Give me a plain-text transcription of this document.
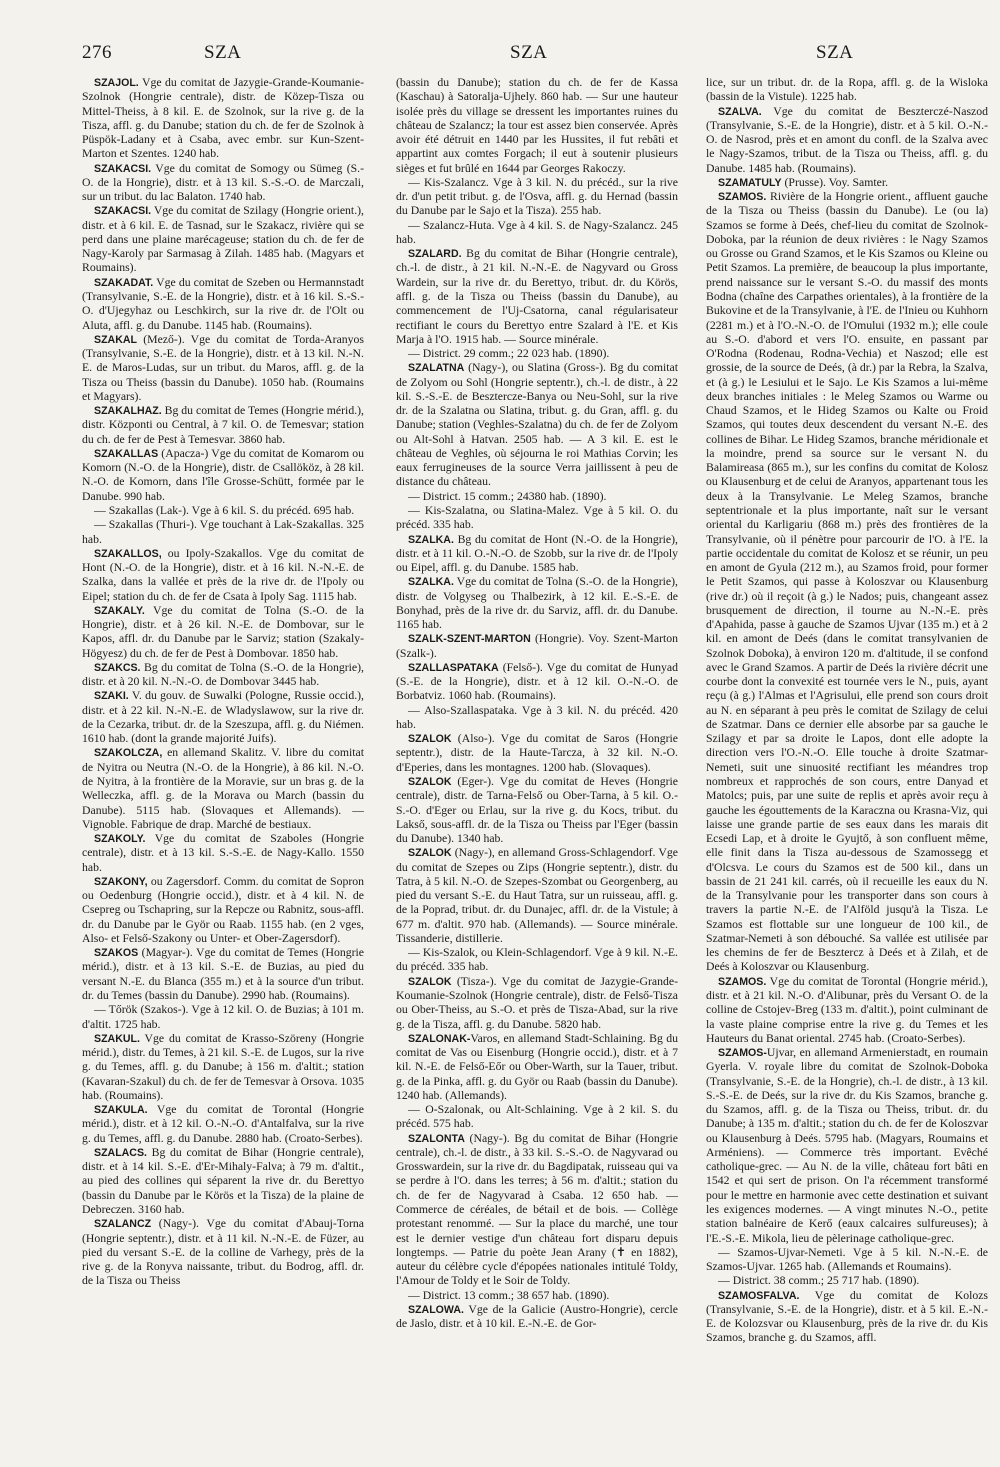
276	SZA	SZA	SZA

SZAJOL. Vge du comitat de Jazygie-Grande-Koumanie-Szolnok (Hongrie centrale), distr. de Közep-Tisza ou Mittel-Theiss, à 8 kil. E. de Szolnok, sur la rive g. de la Tisza, affl. g. du Danube; station du ch. de fer de Szolnok à Püspök-Ladany et à Csaba, avec embr. sur Kun-Szent-Marton et Szentes. 1240 hab.

SZAKACSI. Vge du comitat de Somogy ou Sümeg (S.-O. de la Hongrie), distr. et à 13 kil. S.-S.-O. de Marczali, sur un tribut. du lac Balaton. 1740 hab.

SZAKACSI. Vge du comitat de Szilagy (Hongrie orient.), distr. et à 6 kil. E. de Tasnad, sur le Szakacz, rivière qui se perd dans une plaine marécageuse; station du ch. de fer de Nagy-Karoly par Sarmasag à Zilah. 1485 hab. (Magyars et Roumains).

SZAKADAT. Vge du comitat de Szeben ou Hermannstadt (Transylvanie, S.-E. de la Hongrie), distr. et à 16 kil. S.-S.-O. d'Ujegyhaz ou Leschkirch, sur la rive dr. de l'Olt ou Aluta, affl. g. du Danube. 1145 hab. (Roumains).

SZAKAL (Mező-). Vge du comitat de Torda-Aranyos (Transylvanie, S.-E. de la Hongrie), distr. et à 13 kil. N.-N. E. de Maros-Ludas, sur un tribut. du Maros, affl. g. de la Tisza ou Theiss (bassin du Danube). 1050 hab. (Roumains et Magyars).

SZAKALHAZ. Bg du comitat de Temes (Hongrie mérid.), distr. Központi ou Central, à 7 kil. O. de Temesvar; station du ch. de fer de Pest à Temesvar. 3860 hab.

SZAKALLAS (Apacza-) Vge du comitat de Komarom ou Komorn (N.-O. de la Hongrie), distr. de Csallököz, à 28 kil. N.-O. de Komorn, dans l'île Grosse-Schütt, formée par le Danube. 990 hab.

— Szakallas (Lak-). Vge à 6 kil. S. du précéd. 695 hab.

— Szakallas (Thuri-). Vge touchant à Lak-Szakallas. 325 hab.

SZAKALLOS, ou Ipoly-Szakallos. Vge du comitat de Hont (N.-O. de la Hongrie), distr. et à 16 kil. N.-N.-E. de Szalka, dans la vallée et près de la rive dr. de l'Ipoly ou Eipel; station du ch. de fer de Csata à Ipoly Sag. 1115 hab.

SZAKALY. Vge du comitat de Tolna (S.-O. de la Hongrie), distr. et à 26 kil. N.-E. de Dombovar, sur le Kapos, affl. dr. du Danube par le Sarviz; station (Szakaly-Högyesz) du ch. de fer de Pest à Dombovar. 1850 hab.

SZAKCS. Bg du comitat de Tolna (S.-O. de la Hongrie), distr. et à 20 kil. N.-N.-O. de Dombovar 3445 hab.

SZAKI. V. du gouv. de Suwalki (Pologne, Russie occid.), distr. et à 22 kil. N.-N.-E. de Wladyslawow, sur la rive dr. de la Cezarka, tribut. dr. de la Szeszupa, affl. g. du Niémen. 1610 hab. (dont la grande majorité Juifs).

SZAKOLCZA, en allemand Skalitz. V. libre du comitat de Nyitra ou Neutra (N.-O. de la Hongrie), à 86 kil. N.-O. de Nyitra, à la frontière de la Moravie, sur un bras g. de la Welleczka, affl. g. de la Morava ou March (bassin du Danube). 5115 hab. (Slovaques et Allemands). — Vignoble. Fabrique de drap. Marché de bestiaux.

SZAKOLY. Vge du comitat de Szaboles (Hongrie centrale), distr. et à 13 kil. S.-S.-E. de Nagy-Kallo. 1550 hab.

SZAKONY, ou Zagersdorf. Comm. du comitat de Sopron ou Oedenburg (Hongrie occid.), distr. et à 4 kil. N. de Csepreg ou Tschapring, sur la Repcze ou Rabnitz, sous-affl. dr. du Danube par le Györ ou Raab. 1155 hab. (en 2 vges, Also- et Felső-Szakony ou Unter- et Ober-Zagersdorf).

SZAKOS (Magyar-). Vge du comitat de Temes (Hongrie mérid.), distr. et à 13 kil. S.-E. de Buzias, au pied du versant N.-E. du Blanca (355 m.) et à la source d'un tribut. dr. du Temes (bassin du Danube). 2990 hab. (Roumains).

— Tőrök (Szakos-). Vge à 12 kil. O. de Buzias; à 101 m. d'altit. 1725 hab.

SZAKUL. Vge du comitat de Krasso-Szöreny (Hongrie mérid.), distr. du Temes, à 21 kil. S.-E. de Lugos, sur la rive g. du Temes, affl. g. du Danube; à 156 m. d'altit.; station (Kavaran-Szakul) du ch. de fer de Temesvar à Orsova. 1035 hab. (Roumains).

SZAKULA. Vge du comitat de Torontal (Hongrie mérid.), distr. et à 12 kil. O.-N.-O. d'Antalfalva, sur la rive g. du Temes, affl. g. du Danube. 2880 hab. (Croato-Serbes).

SZALACS. Bg du comitat de Bihar (Hongrie centrale), distr. et à 14 kil. S.-E. d'Er-Mihaly-Falva; à 79 m. d'altit., au pied des collines qui séparent la rive dr. du Berettyo (bassin du Danube par le Körös et la Tisza) de la plaine de Debreczen. 3160 hab.

SZALANCZ (Nagy-). Vge du comitat d'Abauj-Torna (Hongrie septentr.), distr. et à 11 kil. N.-N.-E. de Füzer, au pied du versant S.-E. de la colline de Varhegy, près de la rive g. de la Ronyva naissante, tribut. du Bodrog, affl. dr. de la Tisza ou Theiss

(bassin du Danube); station du ch. de fer de Kassa (Kaschau) à Satoralja-Ujhely. 860 hab. — Sur une hauteur isolée près du village se dressent les importantes ruines du château de Szalancz; la tour est assez bien conservée. Après avoir été détruit en 1440 par les Hussites, il fut rebâti et appartint aux comtes Forgach; il eut à soutenir plusieurs sièges et fut brûlé en 1644 par Georges Rakoczy.

— Kis-Szalancz. Vge à 3 kil. N. du précéd., sur la rive dr. d'un petit tribut. g. de l'Osva, affl. g. du Hernad (bassin du Danube par le Sajo et la Tisza). 255 hab.

— Szalancz-Huta. Vge à 4 kil. S. de Nagy-Szalancz. 245 hab.

SZALARD. Bg du comitat de Bihar (Hongrie centrale), ch.-l. de distr., à 21 kil. N.-N.-E. de Nagyvard ou Gross Wardein, sur la rive dr. du Berettyo, tribut. dr. du Körös, affl. g. de la Tisza ou Theiss (bassin du Danube), au commencement de l'Uj-Csatorna, canal régularisateur rectifiant le cours du Berettyo entre Szalard à l'E. et Kis Marja à l'O. 1915 hab. — Source minérale.

— District. 29 comm.; 22 023 hab. (1890).

SZALATNA (Nagy-), ou Slatina (Gross-). Bg du comitat de Zolyom ou Sohl (Hongrie septentr.), ch.-l. de distr., à 22 kil. S.-S.-E. de Besztercze-Banya ou Neu-Sohl, sur la rive dr. de la Szalatna ou Slatina, tribut. g. du Gran, affl. g. du Danube; station (Veghles-Szalatna) du ch. de fer de Zolyom ou Alt-Sohl à Hatvan. 2505 hab. — A 3 kil. E. est le château de Veghles, où séjourna le roi Mathias Corvin; les eaux ferrugineuses de la source Verra jaillissent à peu de distance du château.

— District. 15 comm.; 24380 hab. (1890).

— Kis-Szalatna, ou Slatina-Malez. Vge à 5 kil. O. du précéd. 335 hab.

SZALKA. Bg du comitat de Hont (N.-O. de la Hongrie), distr. et à 11 kil. O.-N.-O. de Szobb, sur la rive dr. de l'Ipoly ou Eipel, affl. g. du Danube. 1585 hab.

SZALKA. Vge du comitat de Tolna (S.-O. de la Hongrie), distr. de Volgyseg ou Thalbezirk, à 12 kil. E.-S.-E. de Bonyhad, près de la rive dr. du Sarviz, affl. dr. du Danube. 1165 hab.

SZALK-SZENT-MARTON (Hongrie). Voy. Szent-Marton (Szalk-).

SZALLASPATAKA (Felső-). Vge du comitat de Hunyad (S.-E. de la Hongrie), distr. et à 12 kil. O.-N.-O. de Borbatviz. 1060 hab. (Roumains).

— Also-Szallaspataka. Vge à 3 kil. N. du précéd. 420 hab.

SZALOK (Also-). Vge du comitat de Saros (Hongrie septentr.), distr. de la Haute-Tarcza, à 32 kil. N.-O. d'Eperies, dans les montagnes. 1200 hab. (Slovaques).

SZALOK (Eger-). Vge du comitat de Heves (Hongrie centrale), distr. de Tarna-Felső ou Ober-Tarna, à 5 kil. O.-S.-O. d'Eger ou Erlau, sur la rive g. du Kocs, tribut. du Lakső, sous-affl. dr. de la Tisza ou Theiss par l'Eger (bassin du Danube). 1340 hab.

SZALOK (Nagy-), en allemand Gross-Schlagendorf. Vge du comitat de Szepes ou Zips (Hongrie septentr.), distr. du Tatra, à 5 kil. N.-O. de Szepes-Szombat ou Georgenberg, au pied du versant S.-E. du Haut Tatra, sur un ruisseau, affl. g. de la Poprad, tribut. dr. du Dunajec, affl. dr. de la Vistule; à 677 m. d'altit. 970 hab. (Allemands). — Source minérale. Tissanderie, distillerie.

— Kis-Szalok, ou Klein-Schlagendorf. Vge à 9 kil. N.-E. du précéd. 335 hab.

SZALOK (Tisza-). Vge du comitat de Jazygie-Grande-Koumanie-Szolnok (Hongrie centrale), distr. de Felső-Tisza ou Ober-Theiss, au S.-O. et près de Tisza-Abad, sur la rive g. de la Tisza, affl. g. du Danube. 5820 hab.

SZALONAK-Varos, en allemand Stadt-Schlaining. Bg du comitat de Vas ou Eisenburg (Hongrie occid.), distr. et à 7 kil. N.-E. de Felső-Eőr ou Ober-Warth, sur la Tauer, tribut. g. de la Pinka, affl. g. du Györ ou Raab (bassin du Danube). 1240 hab. (Allemands).

— O-Szalonak, ou Alt-Schlaining. Vge à 2 kil. S. du précéd. 575 hab.

SZALONTA (Nagy-). Bg du comitat de Bihar (Hongrie centrale), ch.-l. de distr., à 33 kil. S.-S.-O. de Nagyvarad ou Grosswardein, sur la rive dr. du Bagdipatak, ruisseau qui va se perdre à l'O. dans les terres; à 56 m. d'altit.; station du ch. de fer de Nagyvarad à Csaba. 12 650 hab. — Commerce de céréales, de bétail et de bois. — Collège protestant renommé. — Sur la place du marché, une tour est le dernier vestige d'un château fort disparu depuis longtemps. — Patrie du poète Jean Arany (✝ en 1882), auteur du célèbre cycle d'épopées nationales intitulé Toldy, l'Amour de Toldy et le Soir de Toldy.

— District. 13 comm.; 38 657 hab. (1890).

SZALOWA. Vge de la Galicie (Austro-Hongrie), cercle de Jaslo, distr. et à 10 kil. E.-N.-E. de Gor-

lice, sur un tribut. dr. de la Ropa, affl. g. de la Wisloka (bassin de la Vistule). 1225 hab.

SZALVA. Vge du comitat de Beszterczé-Naszod (Transylvanie, S.-E. de la Hongrie), distr. et à 5 kil. O.-N.-O. de Nasrod, près et en amont du confl. de la Szalva avec le Nagy-Szamos, tribut. de la Tisza ou Theiss, affl. g. du Danube. 1485 hab. (Roumains).

SZAMATULY (Prusse). Voy. Samter.

SZAMOS. Rivière de la Hongrie orient., affluent gauche de la Tisza ou Theiss (bassin du Danube). Le (ou la) Szamos se forme à Deés, chef-lieu du comitat de Szolnok-Doboka, par la réunion de deux rivières : le Nagy Szamos ou Grosse ou Grand Szamos, et le Kis Szamos ou Kleine ou Petit Szamos. La première, de beaucoup la plus importante, prend naissance sur le versant S.-O. du massif des monts Bodna (chaîne des Carpathes orientales), à la frontière de la Bukovine et de la Transylvanie, à l'E. de l'Inieu ou Kuhhorn (2281 m.) et à l'O.-N.-O. de l'Omului (1932 m.); elle coule au S.-O. d'abord et vers l'O. ensuite, en passant par O'Rodna (Rodenau, Rodna-Vechia) et Naszod; elle est grossie, de la source de Deés, (à dr.) par la Rebra, la Szalva, et (à g.) le Lesiului et le Sajo. Le Kis Szamos a lui-même deux branches initiales : le Meleg Szamos ou Warme ou Chaud Szamos, et le Hideg Szamos ou Kalte ou Froid Szamos, qui toutes deux descendent du versant N.-E. des collines de Bihar. Le Hideg Szamos, branche méridionale et la moindre, prend sa source sur le versant N. du Balamireasa (865 m.), sur les confins du comitat de Kolosz ou Klausenburg et de celui de Aranyos, appartenant tous les deux à la Transylvanie. Le Meleg Szamos, branche septentrionale et la plus importante, naît sur le versant oriental du Karligariu (868 m.) près des frontières de la Transylvanie, où il pénètre pour parcourir de l'O. à l'E. la partie occidentale du comitat de Kolosz et se réunir, un peu en amont de Gyula (212 m.), au Szamos froid, pour former le Petit Szamos, qui passe à Koloszvar ou Klausenburg (rive dr.) où il reçoit (à g.) le Nados; puis, changeant assez brusquement de direction, il tourne au N.-N.-E. près d'Apahida, passe à gauche de Szamos Ujvar (135 m.) et à 2 kil. en amont de Deés (dans le comitat transylvanien de Szolnok Doboka), à environ 120 m. d'altitude, il se confond avec le Grand Szamos. A partir de Deés la rivière décrit une courbe dont la convexité est tournée vers le N., puis, ayant reçu (à g.) l'Almas et l'Agrisului, elle prend son cours droit au N. en séparant à peu près le comitat de Szilagy de celui de Szatmar. Dans ce dernier elle absorbe par sa gauche le Szilagy et par sa droite le Lapos, dont elle adopte la direction vers l'O.-N.-O. Elle touche à droite Szatmar-Nemeti, suit une sinuosité rectifiant les méandres trop nombreux et rapprochés de son cours, entre Danyad et Matolcs; puis, par une suite de replis et après avoir reçu à gauche les égouttements de la Karaczna ou Krasna-Viz, qui laisse une grande partie de ses eaux dans les marais dit Ecsedi Lap, et à droite le Gyujtő, à son confluent même, elle finit dans la Tisza au-dessous de Szamossegg et d'Olcsva. Le cours du Szamos est de 500 kil., dans un bassin de 21 241 kil. carrés, où il recueille les eaux du N. de la Transylvanie pour les transporter dans son cours à travers la partie N.-E. de l'Alföld jusqu'à la Tisza. Le Szamos est flottable sur une longueur de 100 kil., de Szatmar-Nemeti à son débouché. Sa vallée est utilisée par les chemins de fer de Besztercz à Deés et à Zilah, et de Deés à Koloszvar ou Klausenburg.

SZAMOS. Vge du comitat de Torontal (Hongrie mérid.), distr. et à 21 kil. N.-O. d'Alibunar, près du Versant O. de la colline de Cstojev-Breg (133 m. d'altit.), point culminant de la vaste plaine comprise entre la rive g. du Temes et les Hauteurs du Banat oriental. 2745 hab. (Croato-Serbes).

SZAMOS-Ujvar, en allemand Armenierstadt, en roumain Gyerla. V. royale libre du comitat de Szolnok-Doboka (Transylvanie, S.-E. de la Hongrie), ch.-l. de distr., à 13 kil. S.-S.-E. de Deés, sur la rive dr. du Kis Szamos, branche g. du Szamos, affl. g. de la Tisza ou Theiss, tribut. dr. du Danube; à 135 m. d'altit.; station du ch. de fer de Koloszvar ou Klausenburg à Deés. 5795 hab. (Magyars, Roumains et Arméniens). — Commerce très important. Evêché catholique-grec. — Au N. de la ville, château fort bâti en 1542 et qui sert de prison. On l'a récemment transformé pour le mettre en harmonie avec cette destination et suivant les exigences modernes. — A vingt minutes N.-O., petite station balnéaire de Kerő (eaux calcaires sulfureuses); à l'E.-S.-E. Mikola, lieu de pèlerinage catholique-grec.

— Szamos-Ujvar-Nemeti. Vge à 5 kil. N.-N.-E. de Szamos-Ujvar. 1265 hab. (Allemands et Roumains).

— District. 38 comm.; 25 717 hab. (1890).

SZAMOSFALVA. Vge du comitat de Kolozs (Transylvanie, S.-E. de la Hongrie), distr. et à 5 kil. E.-N.-E. de Kolozsvar ou Klausenburg, près de la rive dr. du Kis Szamos, branche g. du Szamos, affl.
